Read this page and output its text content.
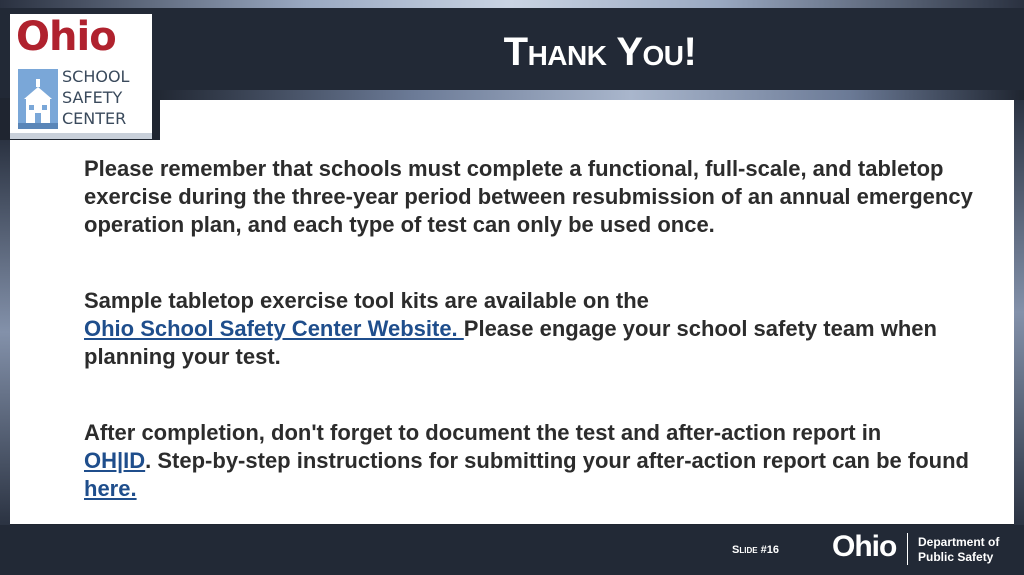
Thank You!
Ohio
SCHOOL
SAFETY
CENTER
Please remember that schools must complete a functional, full-scale, and tabletop exercise during the three-year period between resubmission of an annual emergency operation plan, and each type of test can only be used once.
Sample tabletop exercise tool kits are available on the
Ohio School Safety Center Website. Please engage your school safety team when planning your test.
After completion, don't forget to document the test and after-action report in
OH|ID. Step-by-step instructions for submitting your after-action report can be found here.
Slide #16 Ohio Department of
Public Safety
